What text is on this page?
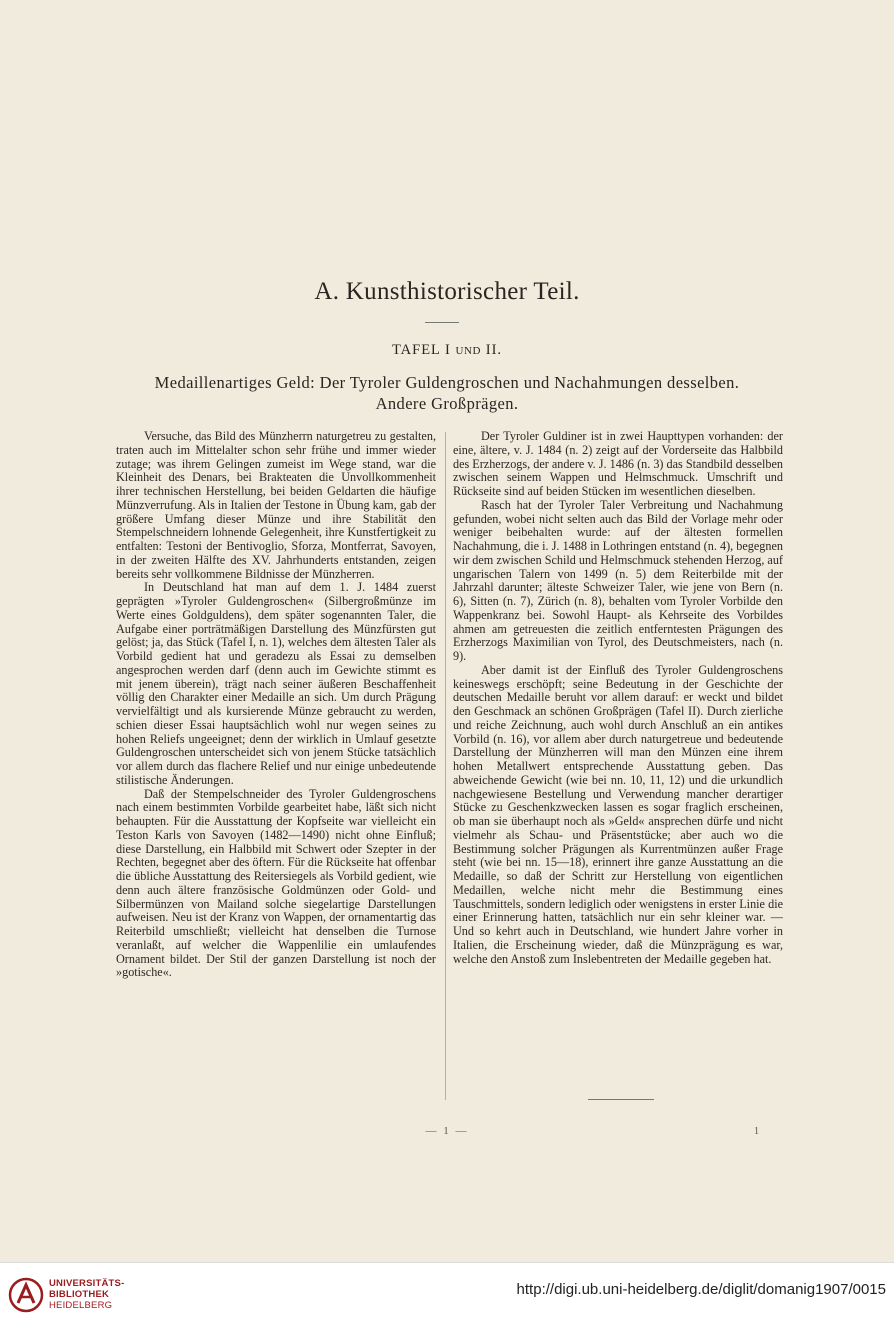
A. Kunsthistorischer Teil.
TAFEL I UND II.
Medaillenartiges Geld: Der Tyroler Guldengroschen und Nachahmungen desselben.
Andere Großprägen.

Versuche, das Bild des Münzherrn naturgetreu zu gestalten, traten auch im Mittelalter schon sehr frühe und immer wieder zutage; was ihrem Gelingen zumeist im Wege stand, war die Kleinheit des Denars, bei Brakteaten die Unvollkommenheit ihrer technischen Herstellung, bei beiden Geldarten die häufige Münzverrufung. Als in Italien der Testone in Übung kam, gab der größere Umfang dieser Münze und ihre Stabilität den Stempelschneidern lohnende Gelegenheit, ihre Kunstfertigkeit zu entfalten: Testoni der Bentivoglio, Sforza, Montferrat, Savoyen, in der zweiten Hälfte des XV. Jahrhunderts entstanden, zeigen bereits sehr vollkommene Bildnisse der Münzherren.

In Deutschland hat man auf dem 1. J. 1484 zuerst geprägten »Tyroler Guldengroschen« (Silbergroßmünze im Werte eines Goldguldens), dem später sogenannten Taler, die Aufgabe einer porträtmäßigen Darstellung des Münzfürsten gut gelöst; ja, das Stück (Tafel I, n. 1), welches dem ältesten Taler als Vorbild gedient hat und geradezu als Essai zu demselben angesprochen werden darf (denn auch im Gewichte stimmt es mit jenem überein), trägt nach seiner äußeren Beschaffenheit völlig den Charakter einer Medaille an sich. Um durch Prägung vervielfältigt und als kursierende Münze gebraucht zu werden, schien dieser Essai hauptsächlich wohl nur wegen seines zu hohen Reliefs ungeeignet; denn der wirklich in Umlauf gesetzte Guldengroschen unterscheidet sich von jenem Stücke tatsächlich vor allem durch das flachere Relief und nur einige unbedeutende stilistische Änderungen.

Daß der Stempelschneider des Tyroler Guldengroschens nach einem bestimmten Vorbilde gearbeitet habe, läßt sich nicht behaupten. Für die Ausstattung der Kopfseite war vielleicht ein Teston Karls von Savoyen (1482—1490) nicht ohne Einfluß; diese Darstellung, ein Halbbild mit Schwert oder Szepter in der Rechten, begegnet aber des öftern. Für die Rückseite hat offenbar die übliche Ausstattung des Reitersiegels als Vorbild gedient, wie denn auch ältere französische Goldmünzen oder Gold- und Silbermünzen von Mailand solche siegelartige Darstellungen aufweisen. Neu ist der Kranz von Wappen, der ornamentartig das Reiterbild umschließt; vielleicht hat denselben die Turnose veranlaßt, auf welcher die Wappenlilie ein umlaufendes Ornament bildet. Der Stil der ganzen Darstellung ist noch der »gotische«.

Der Tyroler Guldiner ist in zwei Haupttypen vorhanden: der eine, ältere, v. J. 1484 (n. 2) zeigt auf der Vorderseite das Halbbild des Erzherzogs, der andere v. J. 1486 (n. 3) das Standbild desselben zwischen seinem Wappen und Helmschmuck. Umschrift und Rückseite sind auf beiden Stücken im wesentlichen dieselben.

Rasch hat der Tyroler Taler Verbreitung und Nachahmung gefunden, wobei nicht selten auch das Bild der Vorlage mehr oder weniger beibehalten wurde: auf der ältesten formellen Nachahmung, die i. J. 1488 in Lothringen entstand (n. 4), begegnen wir dem zwischen Schild und Helmschmuck stehenden Herzog, auf ungarischen Talern von 1499 (n. 5) dem Reiterbilde mit der Jahrzahl darunter; älteste Schweizer Taler, wie jene von Bern (n. 6), Sitten (n. 7), Zürich (n. 8), behalten vom Tyroler Vorbilde den Wappenkranz bei. Sowohl Haupt- als Kehrseite des Vorbildes ahmen am getreuesten die zeitlich entferntesten Prägungen des Erzherzogs Maximilian von Tyrol, des Deutschmeisters, nach (n. 9).

Aber damit ist der Einfluß des Tyroler Guldengroschens keineswegs erschöpft; seine Bedeutung in der Geschichte der deutschen Medaille beruht vor allem darauf: er weckt und bildet den Geschmack an schönen Großprägen (Tafel II). Durch zierliche und reiche Zeichnung, auch wohl durch Anschluß an ein antikes Vorbild (n. 16), vor allem aber durch naturgetreue und bedeutende Darstellung der Münzherren will man den Münzen eine ihrem hohen Metallwert entsprechende Ausstattung geben. Das abweichende Gewicht (wie bei nn. 10, 11, 12) und die urkundlich nachgewiesene Bestellung und Verwendung mancher derartiger Stücke zu Geschenkzwecken lassen es sogar fraglich erscheinen, ob man sie überhaupt noch als »Geld« ansprechen dürfe und nicht vielmehr als Schau- und Präsentstücke; aber auch wo die Bestimmung solcher Prägungen als Kurrentmünzen außer Frage steht (wie bei nn. 15—18), erinnert ihre ganze Ausstattung an die Medaille, so daß der Schritt zur Herstellung von eigentlichen Medaillen, welche nicht mehr die Bestimmung eines Tauschmittels, sondern lediglich oder wenigstens in erster Linie die einer Erinnerung hatten, tatsächlich nur ein sehr kleiner war. — Und so kehrt auch in Deutschland, wie hundert Jahre vorher in Italien, die Erscheinung wieder, daß die Münzprägung es war, welche den Anstoß zum Inslebentreten der Medaille gegeben hat.

— 1 —	1
UNIVERSITÄTS-
BIBLIOTHEK
HEIDELBERG
http://digi.ub.uni-heidelberg.de/diglit/domanig1907/0015
